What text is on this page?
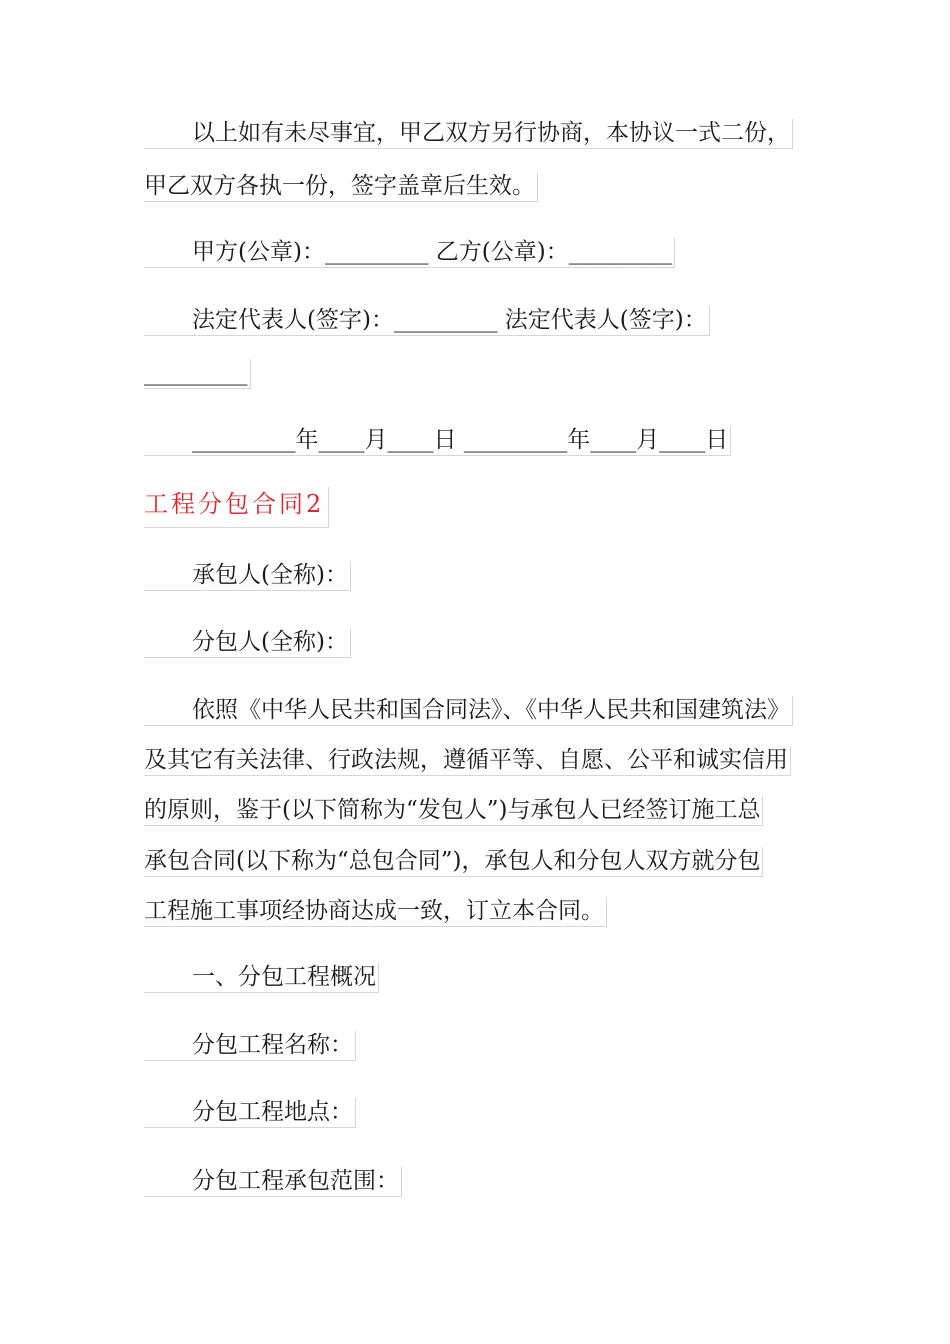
以上如有未尽事宜，甲乙双方另行协商，本协议一式二份，
甲乙双方各执一份，签字盖章后生效。
甲方(公章)：_________ 乙方(公章)：_________
法定代表人(签字)：_________ 法定代表人(签字)：
_________
_________年____月____日 _________年____月____日
工程分包合同2
承包人(全称)：
分包人(全称)：
依照《中华人民共和国合同法》、《中华人民共和国建筑法》
及其它有关法律、行政法规，遵循平等、自愿、公平和诚实信用
的原则，鉴于(以下简称为“发包人”)与承包人已经签订施工总
承包合同(以下称为“总包合同”)，承包人和分包人双方就分包
工程施工事项经协商达成一致，订立本合同。
一、分包工程概况
分包工程名称：
分包工程地点：
分包工程承包范围：
